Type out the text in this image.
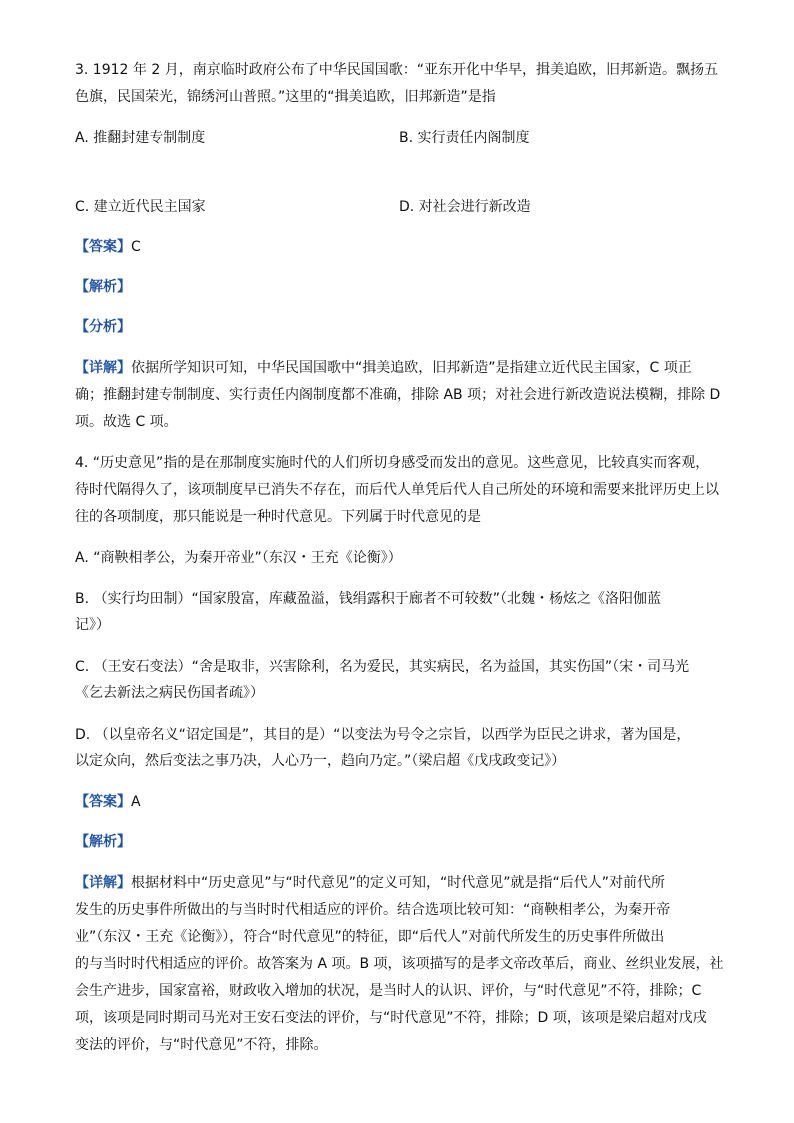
3. 1912 年 2 月，南京临时政府公布了中华民国国歌：“亚东开化中华早，揖美追欧，旧邦新造。飘扬五
色旗，民国荣光，锦绣河山普照。”这里的“揖美追欧，旧邦新造”是指
A. 推翻封建专制制度	B. 实行责任内阁制度
C. 建立近代民主国家	D. 对社会进行新改造
【答案】C
【解析】
【分析】
【详解】依据所学知识可知，中华民国国歌中“揖美追欧，旧邦新造”是指建立近代民主国家，C 项正
确；推翻封建专制制度、实行责任内阁制度都不准确，排除 AB 项；对社会进行新改造说法模糊，排除 D
项。故选 C 项。
4. “历史意见”指的是在那制度实施时代的人们所切身感受而发出的意见。这些意见，比较真实而客观，
待时代隔得久了，该项制度早已消失不存在，而后代人单凭后代人自己所处的环境和需要来批评历史上以
往的各项制度，那只能说是一种时代意见。下列属于时代意见的是
A. “商鞅相孝公，为秦开帝业”（东汉・王充《论衡》）
B. （实行均田制）“国家殷富，库藏盈溢，钱绢露积于廊者不可较数”（北魏・杨炫之《洛阳伽蓝
记》）
C. （王安石变法）“舍是取非，兴害除利，名为爱民，其实病民，名为益国，其实伤国”（宋・司马光
《乞去新法之病民伤国者疏》）
D. （以皇帝名义“诏定国是”，其目的是）“以变法为号令之宗旨，以西学为臣民之讲求，著为国是，
以定众向，然后变法之事乃决，人心乃一，趋向乃定。”（梁启超《戊戌政变记》）
【答案】A
【解析】
【详解】根据材料中“历史意见”与“时代意见”的定义可知，“时代意见”就是指“后代人”对前代所
发生的历史事件所做出的与当时时代相适应的评价。结合选项比较可知：“商鞅相孝公，为秦开帝
业”（东汉・王充《论衡》），符合“时代意见”的特征，即“后代人”对前代所发生的历史事件所做出
的与当时时代相适应的评价。故答案为 A 项。B 项，该项描写的是孝文帝改革后，商业、丝织业发展，社
会生产进步，国家富裕，财政收入增加的状况，是当时人的认识、评价，与“时代意见”不符，排除；C
项，该项是同时期司马光对王安石变法的评价，与“时代意见”不符，排除；D 项，该项是梁启超对戊戌
变法的评价，与“时代意见”不符，排除。
